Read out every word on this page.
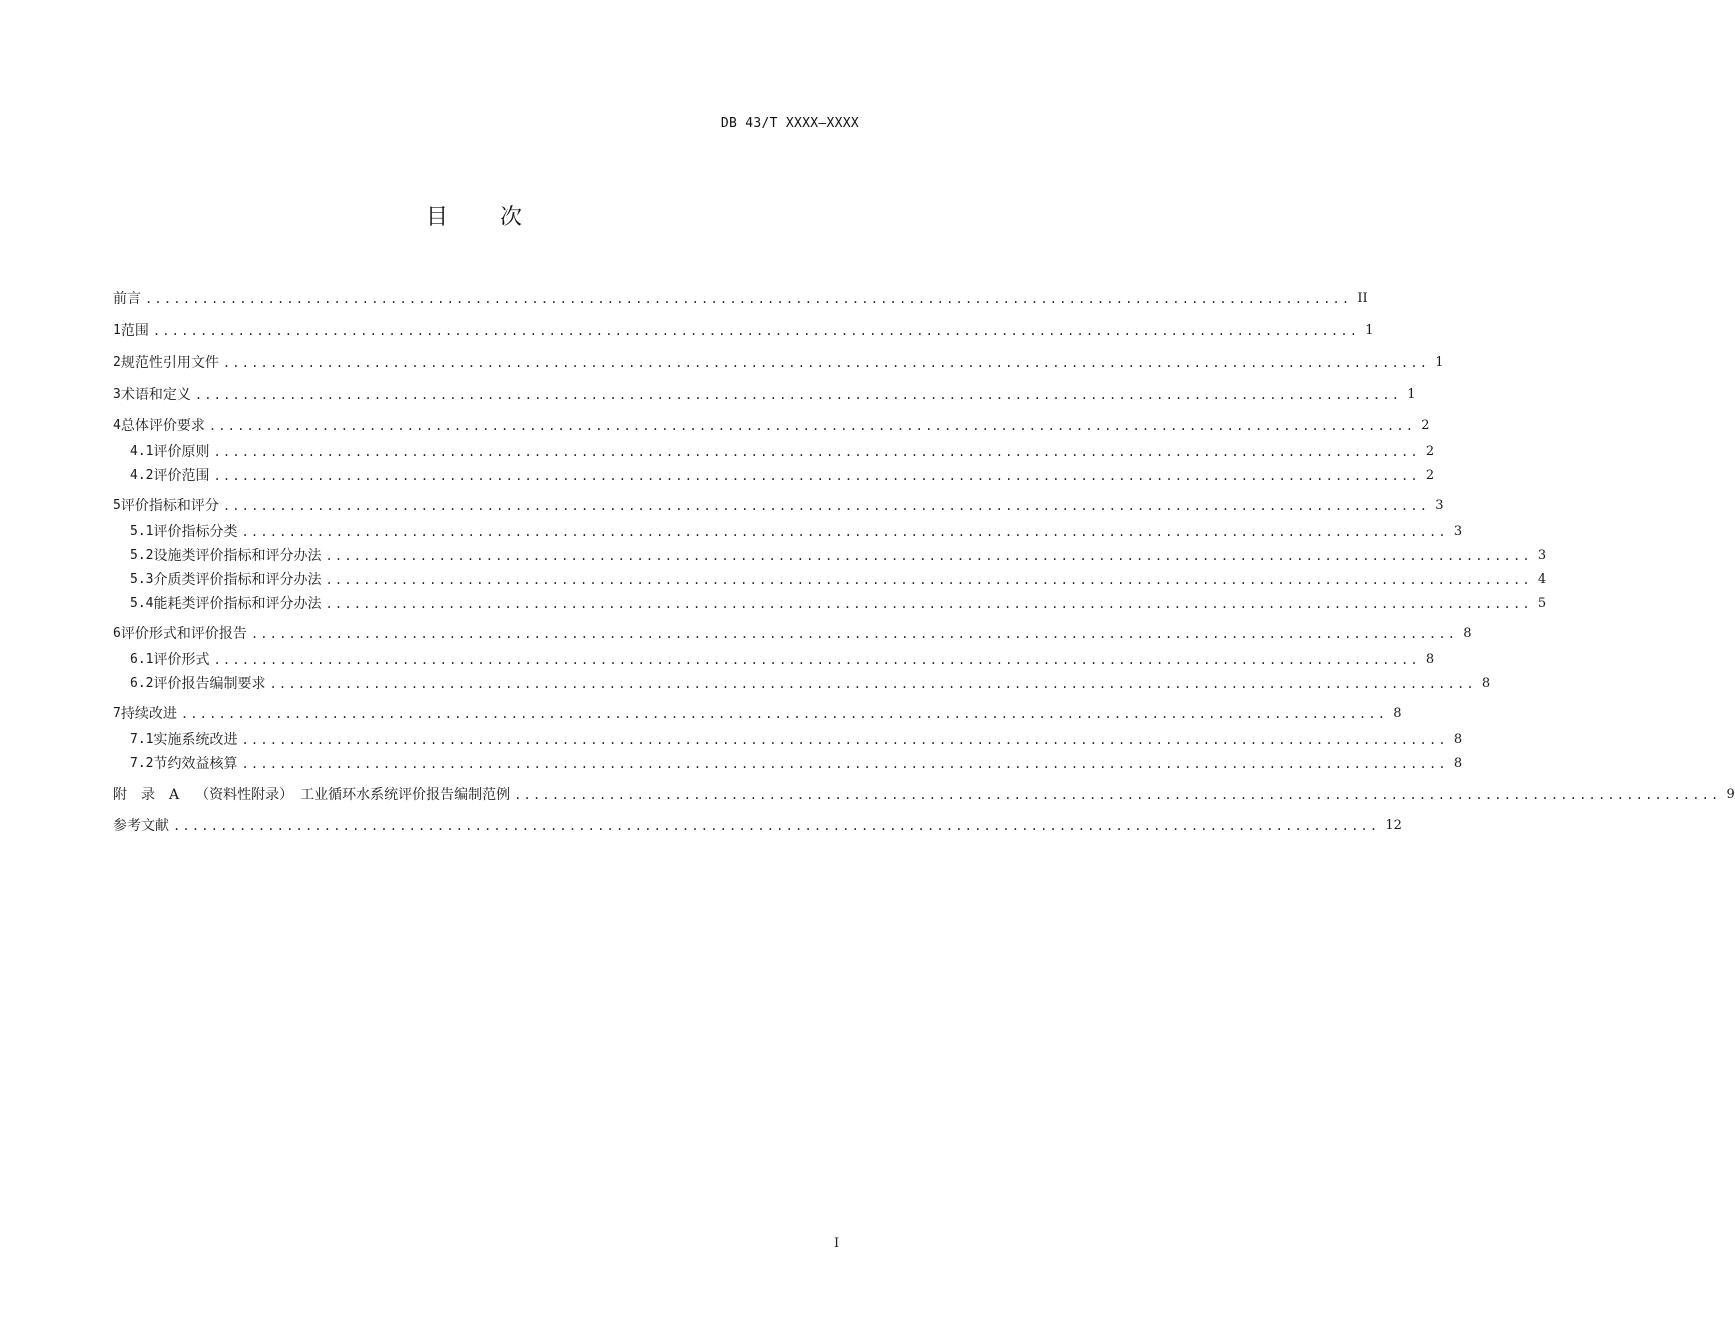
DB 43/T XXXX—XXXX
目 次
前言 ................................................................................................................................ II
1 范围 ................................................................................................................................ 1
2 规范性引用文件 ................................................................................................................................ 1
3 术语和定义 ................................................................................................................................ 1
4 总体评价要求 ................................................................................................................................ 2
4.1 评价原则 ................................................................................................................................ 2
4.2 评价范围 ................................................................................................................................ 2
5 评价指标和评分 ................................................................................................................................ 3
5.1 评价指标分类 ................................................................................................................................ 3
5.2 设施类评价指标和评分办法 ................................................................................................................................ 3
5.3 介质类评价指标和评分办法 ................................................................................................................................ 4
5.4 能耗类评价指标和评分办法 ................................................................................................................................ 5
6 评价形式和评价报告 ................................................................................................................................ 8
6.1 评价形式 ................................................................................................................................ 8
6.2 评价报告编制要求 ................................................................................................................................ 8
7 持续改进 ................................................................................................................................ 8
7.1 实施系统改进 ................................................................................................................................ 8
7.2 节约效益核算 ................................................................................................................................ 8
附　录　A （资料性附录）　工业循环水系统评价报告编制范例 ................................................................................................................................ 9
参考文献 ................................................................................................................................ 12
I
